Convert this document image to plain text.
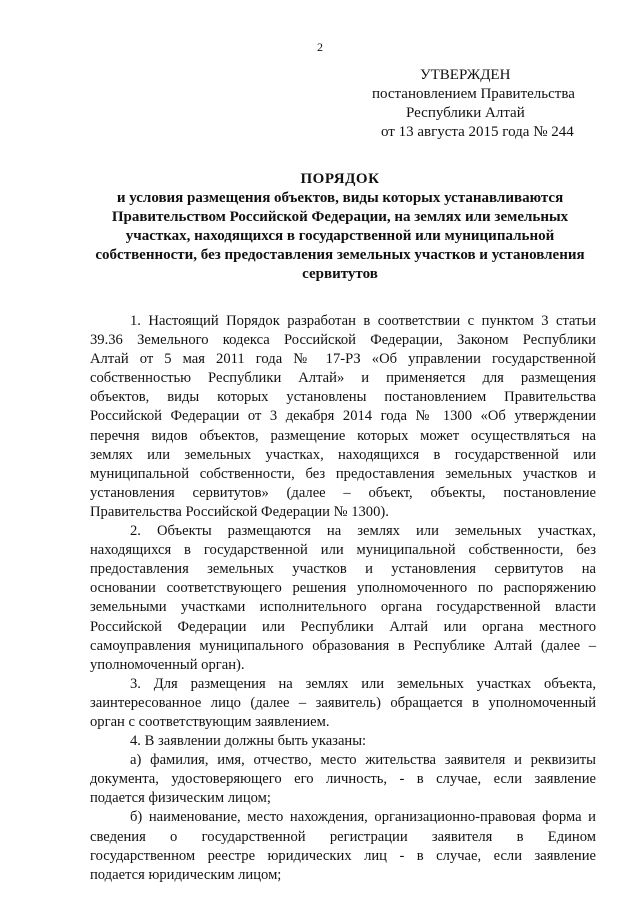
2
УТВЕРЖДЕН
постановлением Правительства
Республики Алтай
от 13 августа 2015 года № 244
ПОРЯДОК
и условия размещения объектов, виды которых устанавливаются
Правительством Российской Федерации, на землях или земельных
участках, находящихся в государственной или муниципальной
собственности, без предоставления земельных участков и установления
сервитутов
1. Настоящий Порядок разработан в соответствии с пунктом 3 статьи
39.36 Земельного кодекса Российской Федерации, Законом Республики
Алтай от 5 мая 2011 года № 17-РЗ «Об управлении государственной
собственностью Республики Алтай» и применяется для размещения
объектов, виды которых установлены постановлением Правительства
Российской Федерации от 3 декабря 2014 года № 1300 «Об утверждении
перечня видов объектов, размещение которых может осуществляться на
землях или земельных участках, находящихся в государственной или
муниципальной собственности, без предоставления земельных участков и
установления сервитутов» (далее – объект, объекты, постановление
Правительства Российской Федерации № 1300).
2. Объекты размещаются на землях или земельных участках,
находящихся в государственной или муниципальной собственности, без
предоставления земельных участков и установления сервитутов на
основании соответствующего решения уполномоченного по распоряжению
земельными участками исполнительного органа государственной власти
Российской Федерации или Республики Алтай или органа местного
самоуправления муниципального образования в Республике Алтай (далее –
уполномоченный орган).
3. Для размещения на землях или земельных участках объекта,
заинтересованное лицо (далее – заявитель) обращается в уполномоченный
орган с соответствующим заявлением.
4. В заявлении должны быть указаны:
а) фамилия, имя, отчество, место жительства заявителя и реквизиты
документа, удостоверяющего его личность, - в случае, если заявление
подается физическим лицом;
б) наименование, место нахождения, организационно-правовая форма и
сведения о государственной регистрации заявителя в Едином
государственном реестре юридических лиц - в случае, если заявление
подается юридическим лицом;
